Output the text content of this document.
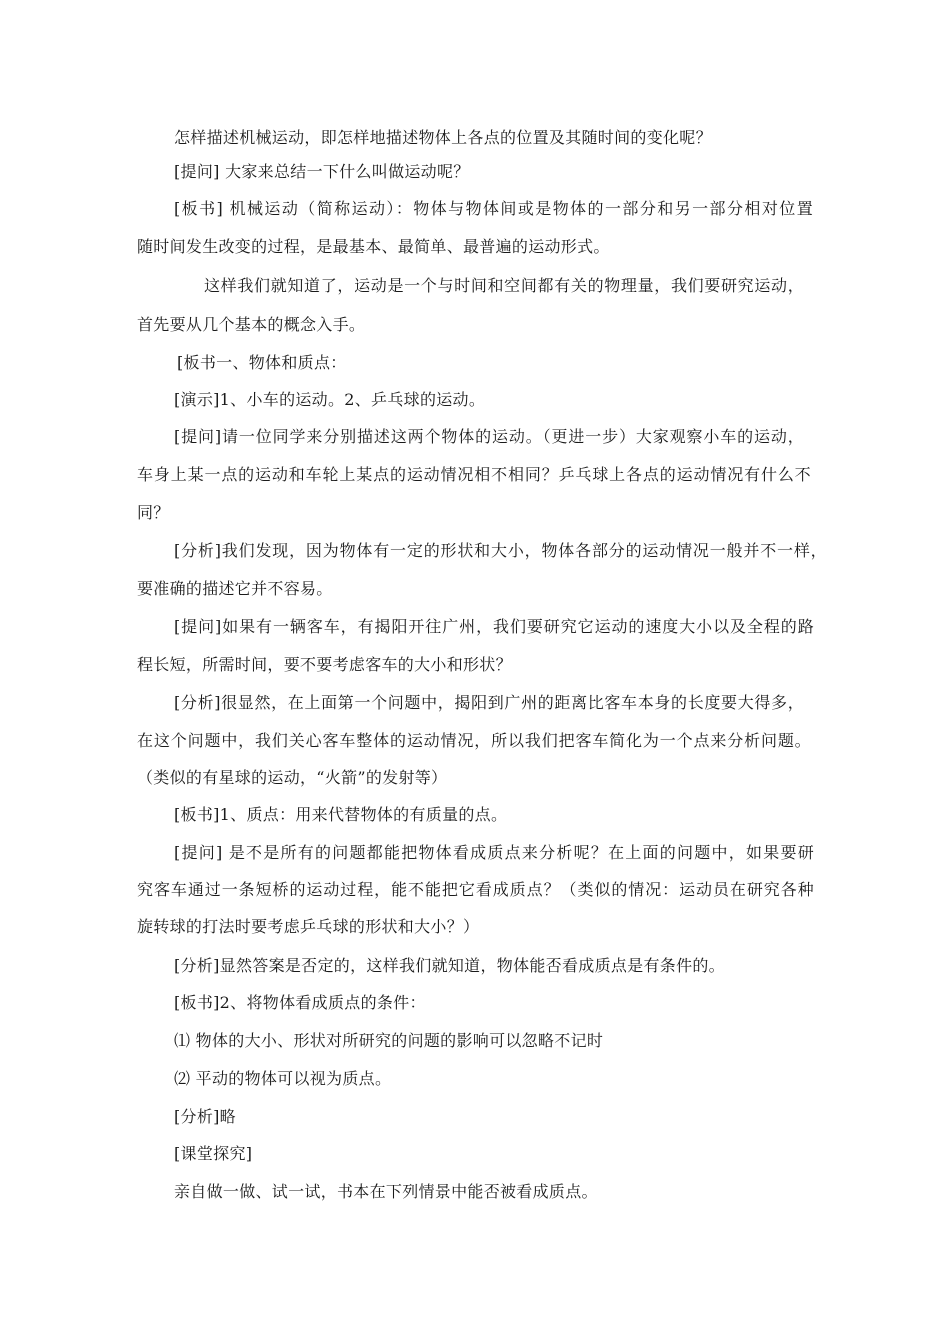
怎样描述机械运动，即怎样地描述物体上各点的位置及其随时间的变化呢？
[提问] 大家来总结一下什么叫做运动呢？
[板书] 机械运动（简称运动）：物体与物体间或是物体的一部分和另一部分相对位置
随时间发生改变的过程，是最基本、最简单、最普遍的运动形式。
这样我们就知道了，运动是一个与时间和空间都有关的物理量，我们要研究运动，
首先要从几个基本的概念入手。
[板书一、物体和质点：
[演示]1、小车的运动。2、乒乓球的运动。
[提问]请一位同学来分别描述这两个物体的运动。（更进一步）大家观察小车的运动，
车身上某一点的运动和车轮上某点的运动情况相不相同？乒乓球上各点的运动情况有什么不
同？
[分析]我们发现，因为物体有一定的形状和大小，物体各部分的运动情况一般并不一样，
要准确的描述它并不容易。
[提问]如果有一辆客车，有揭阳开往广州，我们要研究它运动的速度大小以及全程的路
程长短，所需时间，要不要考虑客车的大小和形状？
[分析]很显然，在上面第一个问题中，揭阳到广州的距离比客车本身的长度要大得多，
在这个问题中，我们关心客车整体的运动情况，所以我们把客车简化为一个点来分析问题。
（类似的有星球的运动，“火箭”的发射等）
[板书]1、质点：用来代替物体的有质量的点。
[提问] 是不是所有的问题都能把物体看成质点来分析呢？在上面的问题中，如果要研
究客车通过一条短桥的运动过程，能不能把它看成质点？（类似的情况：运动员在研究各种
旋转球的打法时要考虑乒乓球的形状和大小？）
[分析]显然答案是否定的，这样我们就知道，物体能否看成质点是有条件的。
[板书]2、将物体看成质点的条件：
⑴ 物体的大小、形状对所研究的问题的影响可以忽略不记时
⑵ 平动的物体可以视为质点。
[分析]略
[课堂探究]
亲自做一做、试一试，书本在下列情景中能否被看成质点。
